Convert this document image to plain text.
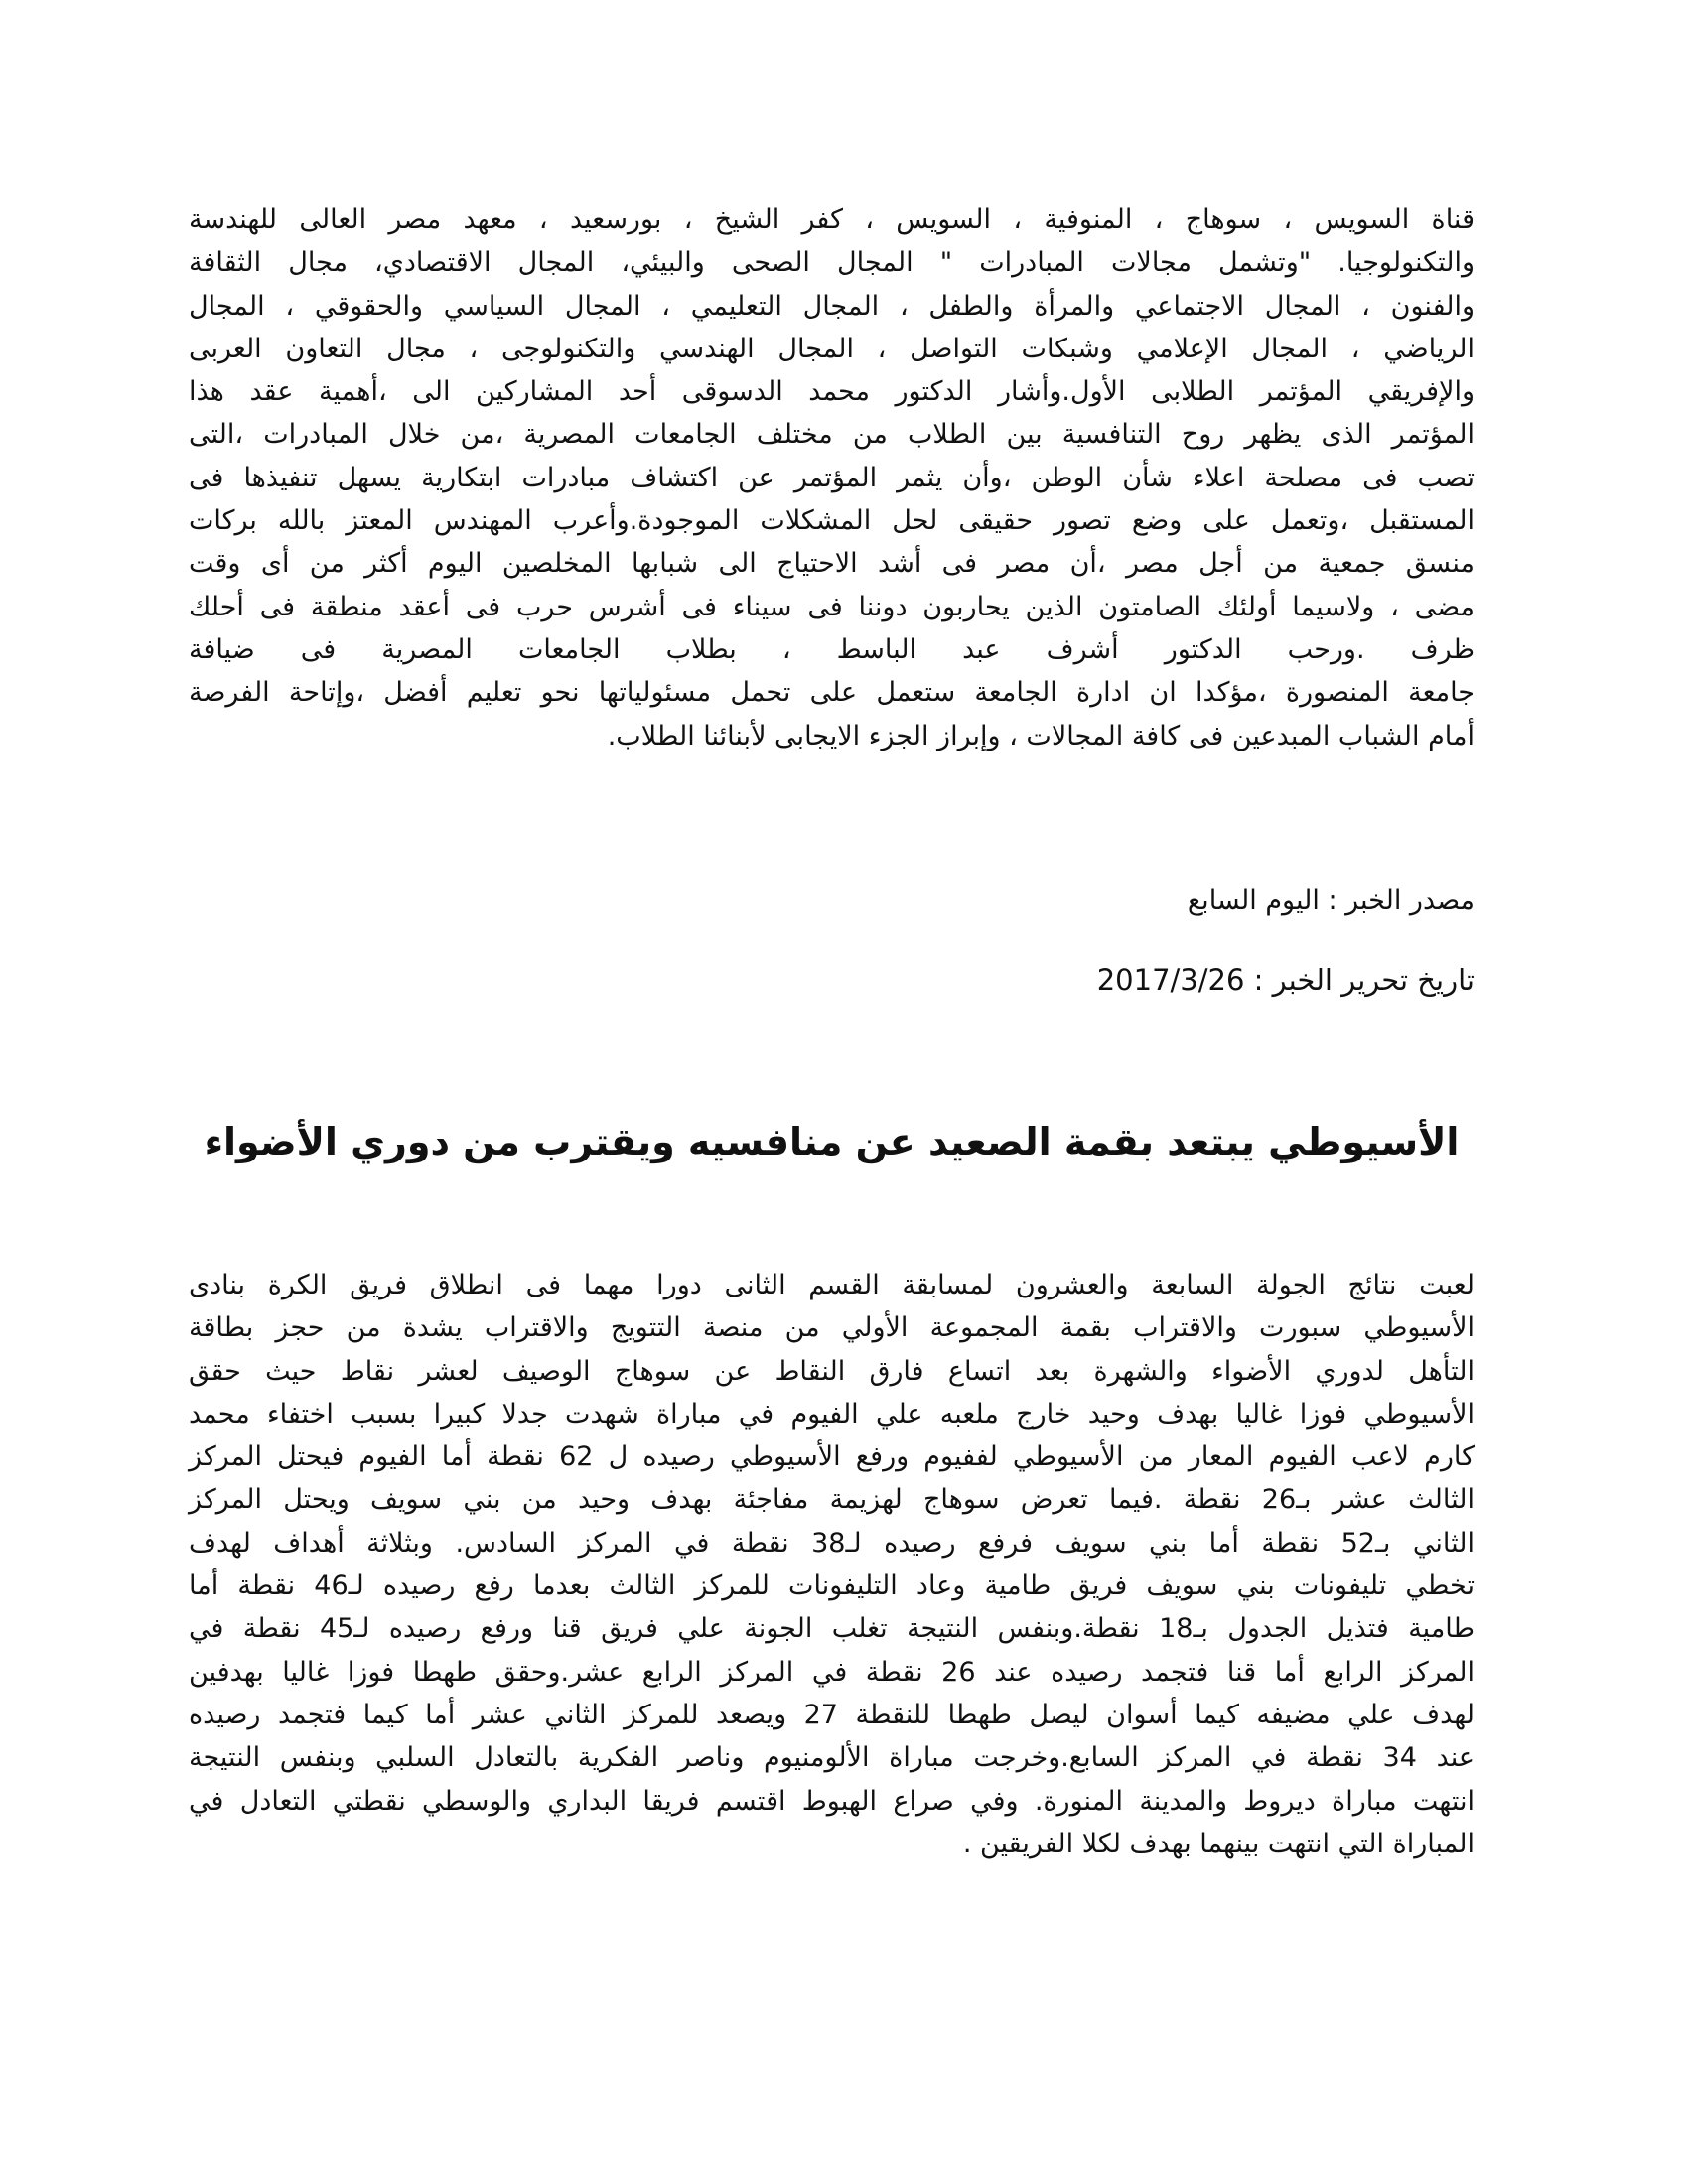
قناة السويس ، سوهاج ، المنوفية ، السويس ، كفر الشيخ ، بورسعيد ، معهد مصر العالى للهندسة
والتكنولوجيا. "وتشمل مجالات المبادرات " المجال الصحى والبيئي، المجال الاقتصادي، مجال الثقافة
والفنون ، المجال الاجتماعي والمرأة والطفل ، المجال التعليمي ، المجال السياسي والحقوقي ، المجال
الرياضي ، المجال الإعلامي وشبكات التواصل ، المجال الهندسي والتكنولوجى ، مجال التعاون العربى
والإفريقي المؤتمر الطلابى الأول.وأشار الدكتور محمد الدسوقى أحد المشاركين الى ،أهمية عقد هذا
المؤتمر الذى يظهر روح التنافسية بين الطلاب من مختلف الجامعات المصرية ،من خلال المبادرات ،التى
تصب فى مصلحة اعلاء شأن الوطن ،وأن يثمر المؤتمر عن اكتشاف مبادرات ابتكارية يسهل تنفيذها فى
المستقبل ،وتعمل على وضع تصور حقيقى لحل المشكلات الموجودة.وأعرب المهندس المعتز بالله بركات
منسق جمعية من أجل مصر ،أن مصر فى أشد الاحتياج الى شبابها المخلصين اليوم أكثر من أى وقت
مضى ، ولاسيما أولئك الصامتون الذين يحاربون دوننا فى سيناء فى أشرس حرب فى أعقد منطقة فى أحلك
ظرف .ورحب الدكتور أشرف عبد الباسط ، بطلاب الجامعات المصرية فى ضيافة
جامعة المنصورة ،مؤكدا ان ادارة الجامعة ستعمل على تحمل مسئولياتها نحو تعليم أفضل ،وإتاحة الفرصة
أمام الشباب المبدعين فى كافة المجالات ، وإبراز الجزء الايجابى لأبنائنا الطلاب.
مصدر الخبر : اليوم السابع
تاريخ تحرير الخبر : 2017/3/26
الأسيوطي يبتعد بقمة الصعيد عن منافسيه ويقترب من دوري الأضواء
لعبت نتائج الجولة السابعة والعشرون لمسابقة القسم الثانى دورا مهما فى انطلاق فريق الكرة بنادى
الأسيوطي سبورت والاقتراب بقمة المجموعة الأولي من منصة التتويج والاقتراب يشدة من حجز بطاقة
التأهل لدوري الأضواء والشهرة بعد اتساع فارق النقاط عن سوهاج الوصيف لعشر نقاط حيث حقق
الأسيوطي فوزا غاليا بهدف وحيد خارج ملعبه علي الفيوم في مباراة شهدت جدلا كبيرا بسبب اختفاء محمد
كارم لاعب الفيوم المعار من الأسيوطي لففيوم ورفع الأسيوطي رصيده ل 62 نقطة أما الفيوم فيحتل المركز
الثالث عشر بـ26 نقطة .فيما تعرض سوهاج لهزيمة مفاجئة بهدف وحيد من بني سويف ويحتل المركز
الثاني بـ52 نقطة أما بني سويف فرفع رصيده لـ38 نقطة في المركز السادس. وبثلاثة أهداف لهدف
تخطي تليفونات بني سويف فريق طامية وعاد التليفونات للمركز الثالث بعدما رفع رصيده لـ46 نقطة أما
طامية فتذيل الجدول بـ18 نقطة.وبنفس النتيجة تغلب الجونة علي فريق قنا ورفع رصيده لـ45 نقطة في
المركز الرابع أما قنا فتجمد رصيده عند 26 نقطة في المركز الرابع عشر.وحقق طهطا فوزا غاليا بهدفين
لهدف علي مضيفه كيما أسوان ليصل طهطا للنقطة 27 ويصعد للمركز الثاني عشر أما كيما فتجمد رصيده
عند 34 نقطة في المركز السابع.وخرجت مباراة الألومنيوم وناصر الفكرية بالتعادل السلبي وبنفس النتيجة
انتهت مباراة ديروط والمدينة المنورة. وفي صراع الهبوط اقتسم فريقا البداري والوسطي نقطتي التعادل في
المباراة التي انتهت بينهما بهدف لكلا الفريقين .
